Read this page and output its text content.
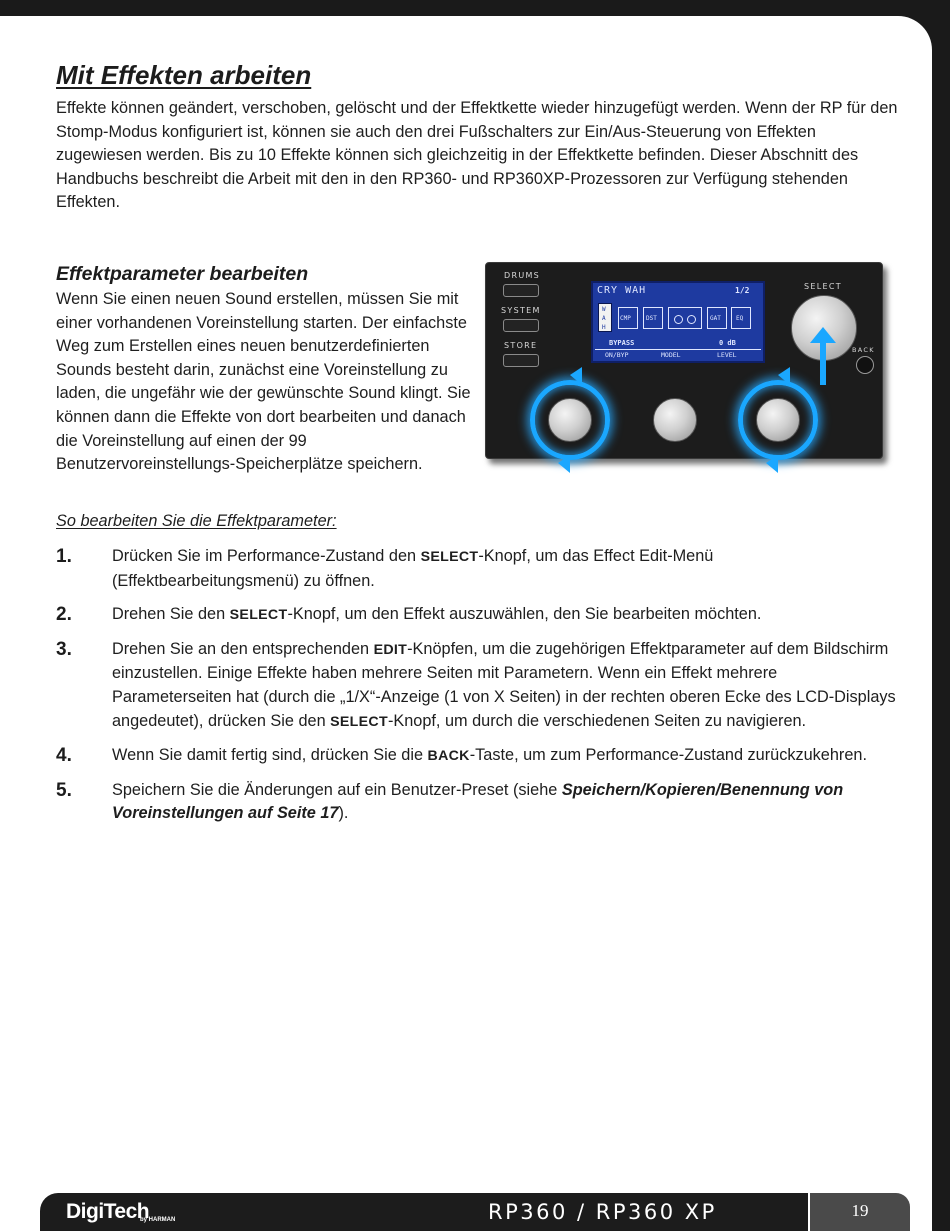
Mit Effekten arbeiten

Effekte können geändert, verschoben, gelöscht und der Effektkette wieder hinzugefügt werden. Wenn der RP für den Stomp-Modus konfiguriert ist, können sie auch den drei Fußschalters zur Ein/Aus-Steuerung von Effekten zugewiesen werden. Bis zu 10 Effekte können sich gleichzeitig in der Effektkette befinden. Dieser Abschnitt des Handbuchs beschreibt die Arbeit mit den in den RP360- und RP360XP-Prozessoren zur Verfügung stehenden Effekten.

Effektparameter bearbeiten

Wenn Sie einen neuen Sound erstellen, müssen Sie mit einer vorhandenen Voreinstellung starten. Der einfachste Weg zum Erstellen eines neuen benutzerdefinierten Sounds besteht darin, zunächst eine Voreinstellung zu laden, die ungefähr wie der gewünschte Sound klingt. Sie können dann die Effekte von dort bearbeiten und danach die Voreinstellung auf einen der 99 Benutzervoreinstellungs-Speicherplätze speichern.

DRUMS
SYSTEM
STORE
CRY WAH	1/2
W A H
CMP	DST	GAT	EQ
BYPASS	0 dB
ON/BYP	MODEL	LEVEL
SELECT
BACK

So bearbeiten Sie die Effektparameter:

1.	Drücken Sie im Performance-Zustand den SELECT-Knopf, um das Effect Edit-Menü (Effektbearbeitungsmenü) zu öffnen.
2.	Drehen Sie den SELECT-Knopf, um den Effekt auszuwählen, den Sie bearbeiten möchten.
3.	Drehen Sie an den entsprechenden EDIT-Knöpfen, um die zugehörigen Effektparameter auf dem Bildschirm einzustellen. Einige Effekte haben mehrere Seiten mit Parametern. Wenn ein Effekt mehrere Parameterseiten hat (durch die „1/X“-Anzeige (1 von X Seiten) in der rechten oberen Ecke des LCD-Displays angedeutet), drücken Sie den SELECT-Knopf, um durch die verschiedenen Seiten zu navigieren.
4.	Wenn Sie damit fertig sind, drücken Sie die BACK-Taste, um zum Performance-Zustand zurückzukehren.
5.	Speichern Sie die Änderungen auf ein Benutzer-Preset (siehe Speichern/Kopieren/Benennung von Voreinstellungen auf Seite 17).
DigiTech
by HARMAN	RP360 / RP360 XP	19
